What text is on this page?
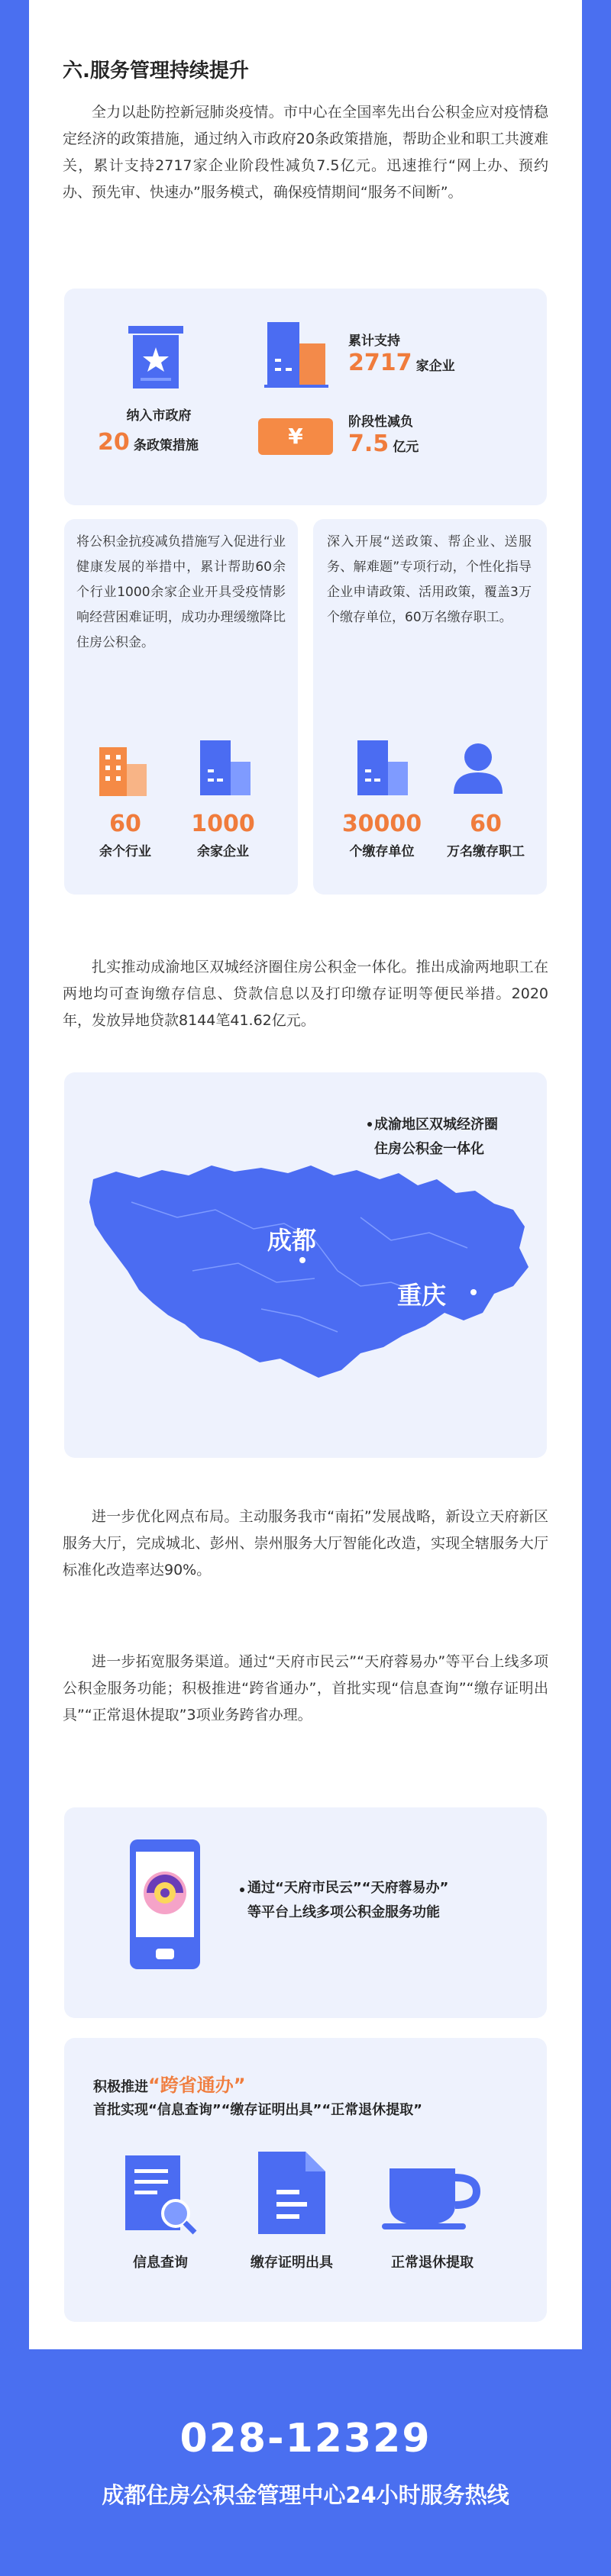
六.服务管理持续提升
全力以赴防控新冠肺炎疫情。市中心在全国率先出台公积金应对疫情稳定经济的政策措施，通过纳入市政府20条政策措施，帮助企业和职工共渡难关，累计支持2717家企业阶段性减负7.5亿元。迅速推行“网上办、预约办、预先审、快速办”服务模式，确保疫情期间“服务不间断”。
纳入市政府
20 条政策措施
累计支持
2717 家企业
¥
阶段性减负
7.5 亿元
将公积金抗疫减负措施写入促进行业健康发展的举措中，累计帮助60余个行业1000余家企业开具受疫情影响经营困难证明，成功办理缓缴降比住房公积金。
60
余个行业
1000
余家企业
深入开展“送政策、帮企业、送服务、解难题”专项行动，个性化指导企业申请政策、活用政策，覆盖3万个缴存单位，60万名缴存职工。
30000
个缴存单位
60
万名缴存职工
扎实推动成渝地区双城经济圈住房公积金一体化。推出成渝两地职工在两地均可查询缴存信息、贷款信息以及打印缴存证明等便民举措。2020年，发放异地贷款8144笔41.62亿元。
成渝地区双城经济圈
住房公积金一体化
成都
重庆
进一步优化网点布局。主动服务我市“南拓”发展战略，新设立天府新区服务大厅，完成城北、彭州、崇州服务大厅智能化改造，实现全辖服务大厅标准化改造率达90%。
进一步拓宽服务渠道。通过“天府市民云”“天府蓉易办”等平台上线多项公积金服务功能；积极推进“跨省通办”，首批实现“信息查询”“缴存证明出具”“正常退休提取”3项业务跨省办理。
通过“天府市民云”“天府蓉易办”
等平台上线多项公积金服务功能
积极推进“跨省通办”
首批实现“信息查询”“缴存证明出具”“正常退休提取”
信息查询	缴存证明出具	正常退休提取
028-12329
成都住房公积金管理中心24小时服务热线
